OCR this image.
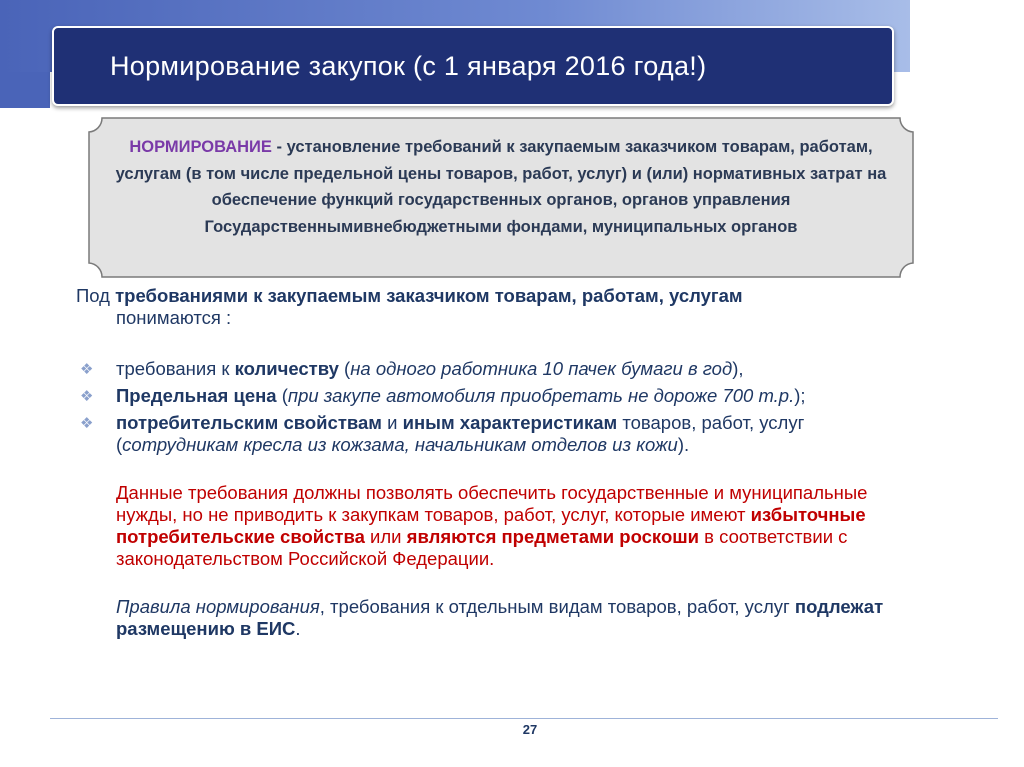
Нормирование закупок (с 1 января 2016 года!)
НОРМИРОВАНИЕ - установление требований к закупаемым заказчиком товарам, работам, услугам (в том числе предельной цены товаров, работ, услуг) и (или) нормативных затрат на обеспечение функций государственных органов, органов управления Государственнымивнебюджетными фондами, муниципальных органов

Под требованиями к закупаемым заказчиком товарам, работам, услугам
понимаются :

❖ требования к количеству (на одного работника 10 пачек бумаги в год),
❖ Предельная цена (при закупе автомобиля приобретать не дороже 700 т.р.);
❖ потребительским свойствам и иным характеристикам товаров, работ, услуг (сотрудникам кресла из кожзама, начальникам отделов из кожи).

Данные требования должны позволять обеспечить государственные и муниципальные нужды, но не приводить к закупкам товаров, работ, услуг, которые имеют избыточные потребительские свойства или являются предметами роскоши в соответствии с законодательством Российской Федерации.

Правила нормирования, требования к отдельным видам товаров, работ, услуг подлежат размещению в ЕИС.

27
